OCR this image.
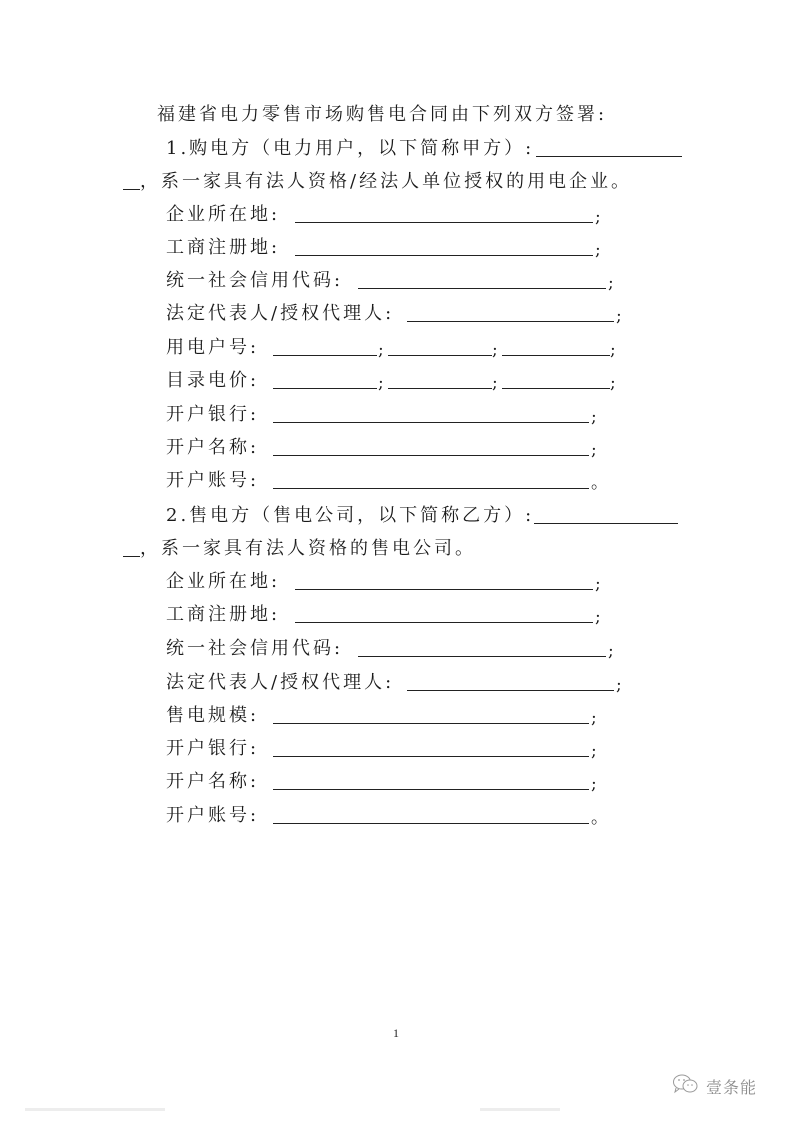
福建省电力零售市场购售电合同由下列双方签署:
1.购电方（电力用户，以下简称甲方）:
，系一家具有法人资格/经法人单位授权的用电企业。
企业所在地:	;
工商注册地:	;
统一社会信用代码:	;
法定代表人/授权代理人:	;
用电户号:	;	;	;
目录电价:	;	;	;
开户银行:	;
开户名称:	;
开户账号:	。
2.售电方（售电公司，以下简称乙方）:
，系一家具有法人资格的售电公司。
企业所在地:	;
工商注册地:	;
统一社会信用代码:	;
法定代表人/授权代理人:	;
售电规模:	;
开户银行:	;
开户名称:	;
开户账号:	。
1
壹条能
